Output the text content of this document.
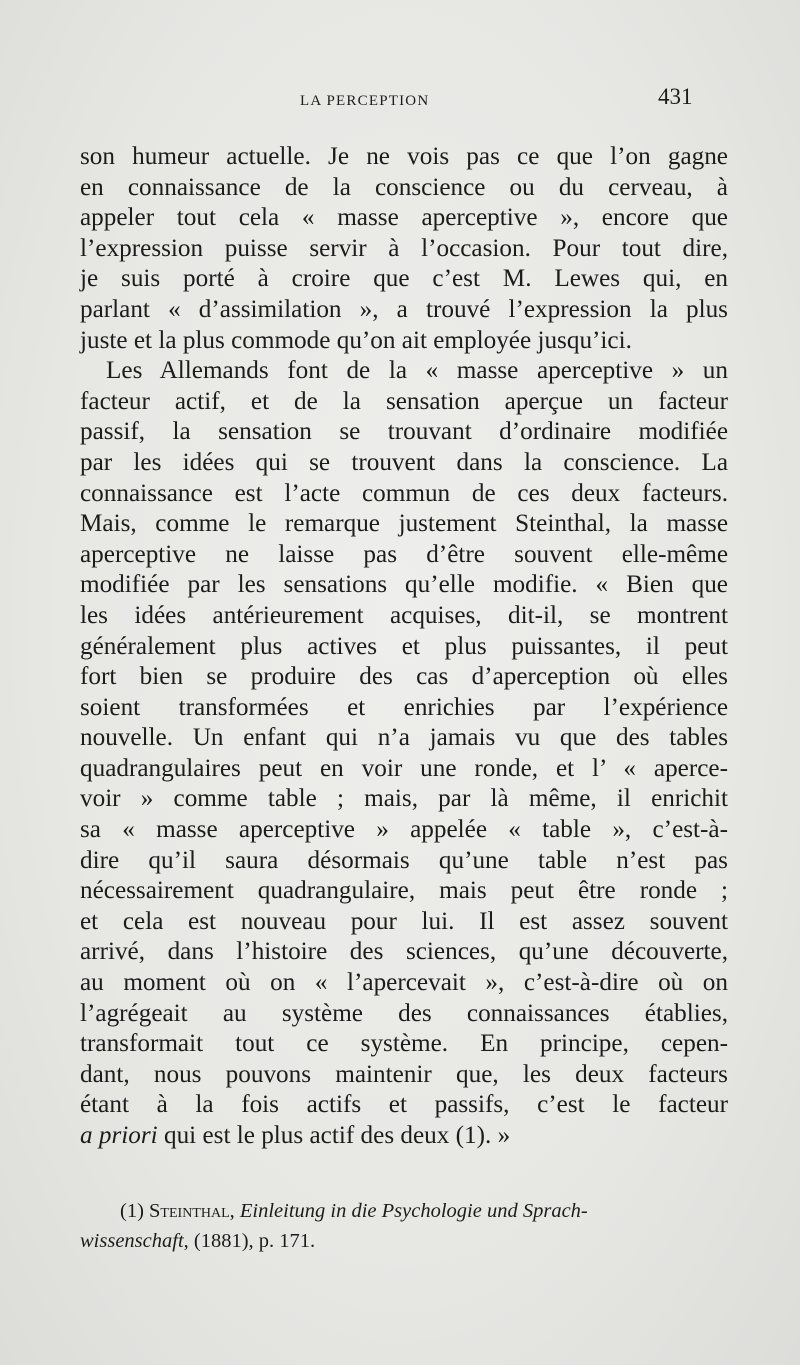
LA PERCEPTION	431
son humeur actuelle. Je ne vois pas ce que l’on gagne
en connaissance de la conscience ou du cerveau, à
appeler tout cela « masse aperceptive », encore que
l’expression puisse servir à l’occasion. Pour tout dire,
je suis porté à croire que c’est M. Lewes qui, en
parlant « d’assimilation », a trouvé l’expression la plus
juste et la plus commode qu’on ait employée jusqu’ici.
Les Allemands font de la « masse aperceptive » un
facteur actif, et de la sensation aperçue un facteur
passif, la sensation se trouvant d’ordinaire modifiée
par les idées qui se trouvent dans la conscience. La
connaissance est l’acte commun de ces deux facteurs.
Mais, comme le remarque justement Steinthal, la masse
aperceptive ne laisse pas d’être souvent elle-même
modifiée par les sensations qu’elle modifie. « Bien que
les idées antérieurement acquises, dit-il, se montrent
généralement plus actives et plus puissantes, il peut
fort bien se produire des cas d’aperception où elles
soient transformées et enrichies par l’expérience
nouvelle. Un enfant qui n’a jamais vu que des tables
quadrangulaires peut en voir une ronde, et l’ « aperce-
voir » comme table ; mais, par là même, il enrichit
sa « masse aperceptive » appelée « table », c’est-à-
dire qu’il saura désormais qu’une table n’est pas
nécessairement quadrangulaire, mais peut être ronde ;
et cela est nouveau pour lui. Il est assez souvent
arrivé, dans l’histoire des sciences, qu’une découverte,
au moment où on « l’apercevait », c’est-à-dire où on
l’agrégeait au système des connaissances établies,
transformait tout ce système. En principe, cepen-
dant, nous pouvons maintenir que, les deux facteurs
étant à la fois actifs et passifs, c’est le facteur
a priori qui est le plus actif des deux (1). »
(1) Steinthal, Einleitung in die Psychologie und Sprach-
wissenschaft, (1881), p. 171.
